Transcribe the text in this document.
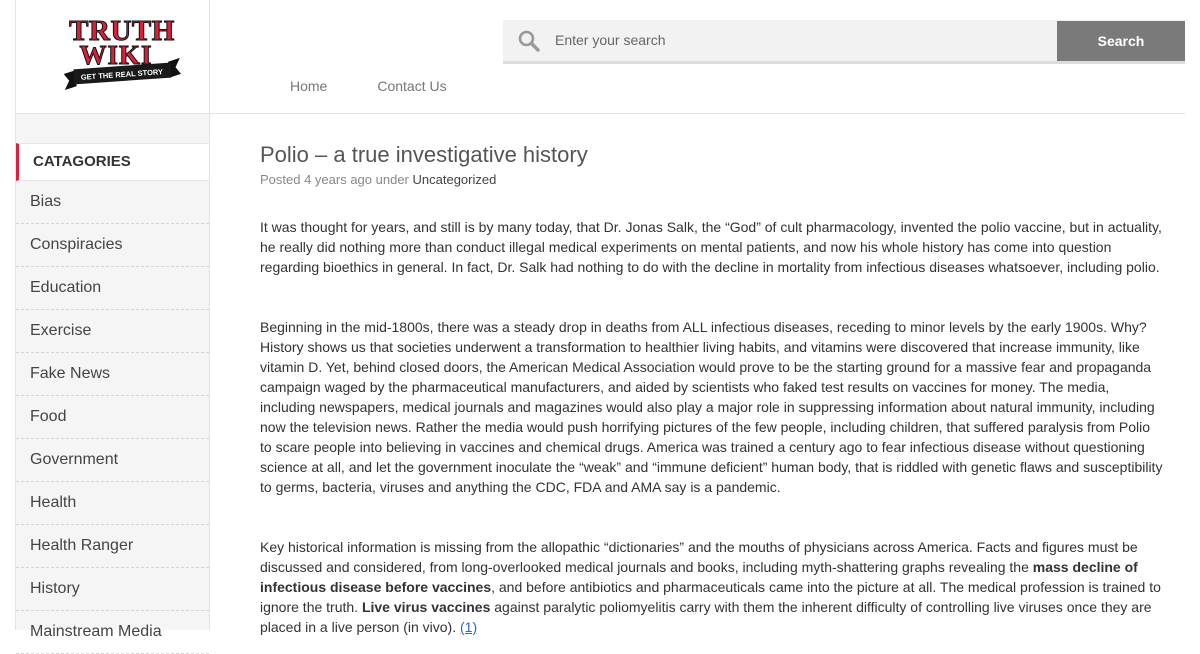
TRUTH
WIKI
GET THE REAL STORY
Enter your search
Search
Home	Contact Us
CATAGORIES
Bias
Conspiracies
Education
Exercise
Fake News
Food
Government
Health
Health Ranger
History
Mainstream Media
Polio – a true investigative history
Posted 4 years ago under Uncategorized

It was thought for years, and still is by many today, that Dr. Jonas Salk, the “God” of cult pharmacology, invented the polio vaccine, but in actuality, he really did nothing more than conduct illegal medical experiments on mental patients, and now his whole history has come into question regarding bioethics in general. In fact, Dr. Salk had nothing to do with the decline in mortality from infectious diseases whatsoever, including polio.

Beginning in the mid-1800s, there was a steady drop in deaths from ALL infectious diseases, receding to minor levels by the early 1900s. Why? History shows us that societies underwent a transformation to healthier living habits, and vitamins were discovered that increase immunity, like vitamin D. Yet, behind closed doors, the American Medical Association would prove to be the starting ground for a massive fear and propaganda campaign waged by the pharmaceutical manufacturers, and aided by scientists who faked test results on vaccines for money. The media, including newspapers, medical journals and magazines would also play a major role in suppressing information about natural immunity, including now the television news. Rather the media would push horrifying pictures of the few people, including children, that suffered paralysis from Polio to scare people into believing in vaccines and chemical drugs. America was trained a century ago to fear infectious disease without questioning science at all, and let the government inoculate the “weak” and “immune deficient” human body, that is riddled with genetic flaws and susceptibility to germs, bacteria, viruses and anything the CDC, FDA and AMA say is a pandemic.

Key historical information is missing from the allopathic “dictionaries” and the mouths of physicians across America. Facts and figures must be discussed and considered, from long-overlooked medical journals and books, including myth-shattering graphs revealing the mass decline of infectious disease before vaccines, and before antibiotics and pharmaceuticals came into the picture at all. The medical profession is trained to ignore the truth. Live virus vaccines against paralytic poliomyelitis carry with them the inherent difficulty of controlling live viruses once they are placed in a live person (in vivo). (1)
